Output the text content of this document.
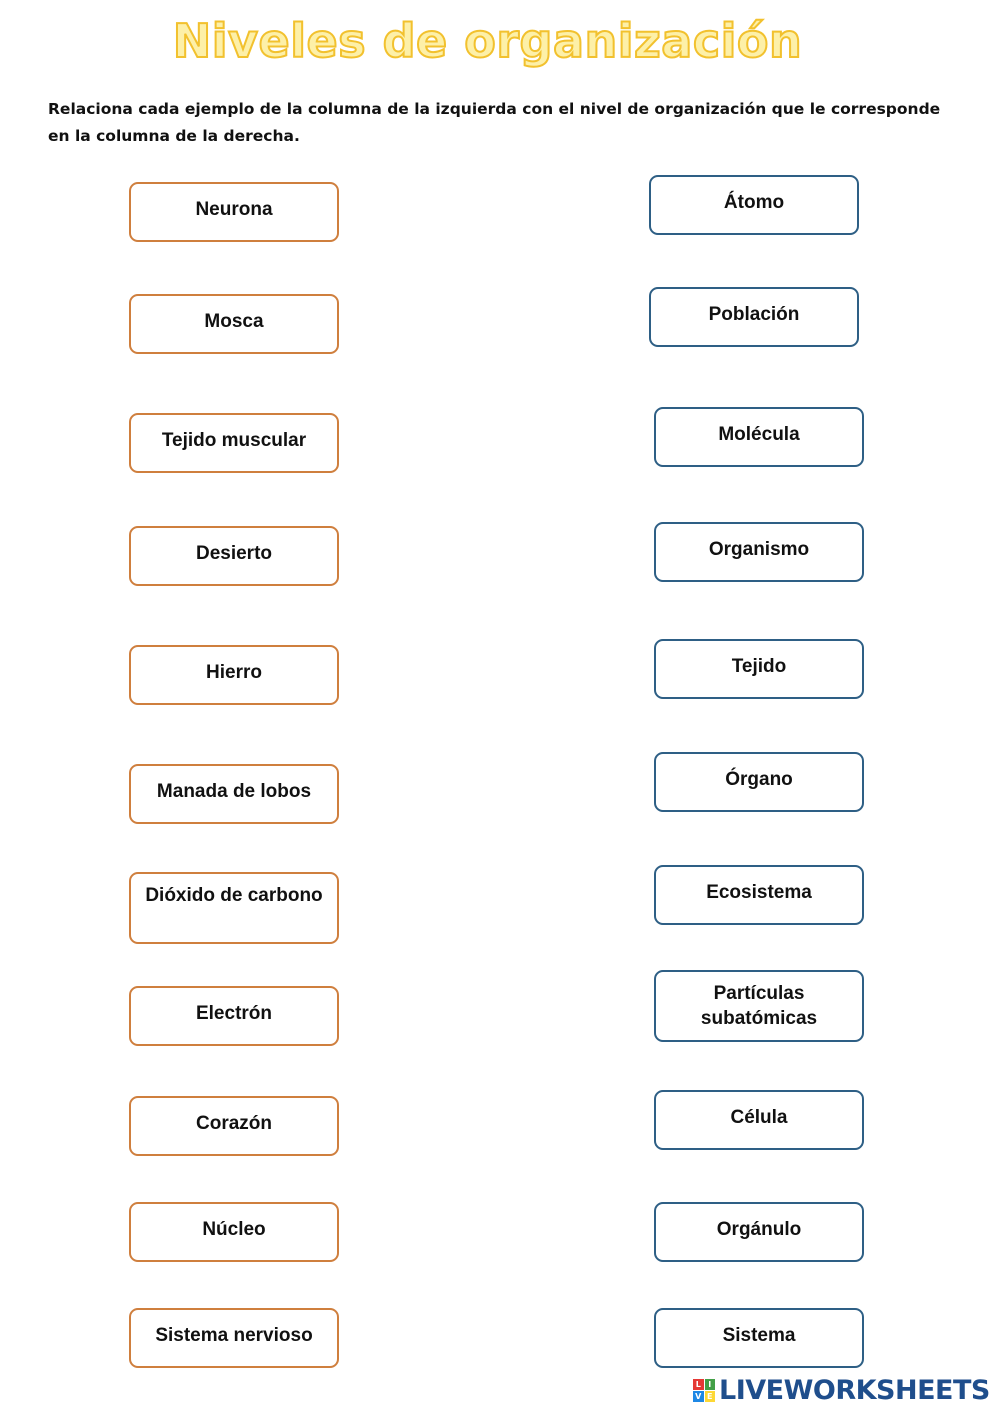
Niveles de organización
Relaciona cada ejemplo de la columna de la izquierda con el nivel de organización que le corresponde en la columna de la derecha.
Neurona
Mosca
Tejido muscular
Desierto
Hierro
Manada de lobos
Dióxido de carbono
Electrón
Corazón
Núcleo
Sistema nervioso
Átomo
Población
Molécula
Organismo
Tejido
Órgano
Ecosistema
Partículas subatómicas
Célula
Orgánulo
Sistema
L I
V E LIVEWORKSHEETS
